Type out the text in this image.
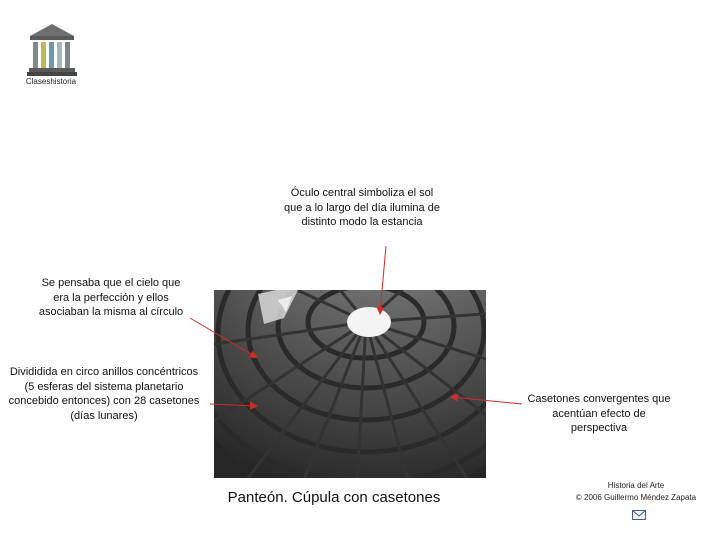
Claseshistoria
Óculo central simboliza el sol que a lo largo del día ilumina de distinto modo la estancia
Se pensaba que el cielo que era la perfección y ellos asociaban la misma al círculo
Divididida en circo anillos concéntricos (5 esferas del sistema planetario concebido entonces) con 28 casetones (días lunares)
Casetones convergentes que acentúan efecto de perspectiva
Panteón. Cúpula con casetones
Historia del Arte
© 2006 Guillermo Méndez Zapata
